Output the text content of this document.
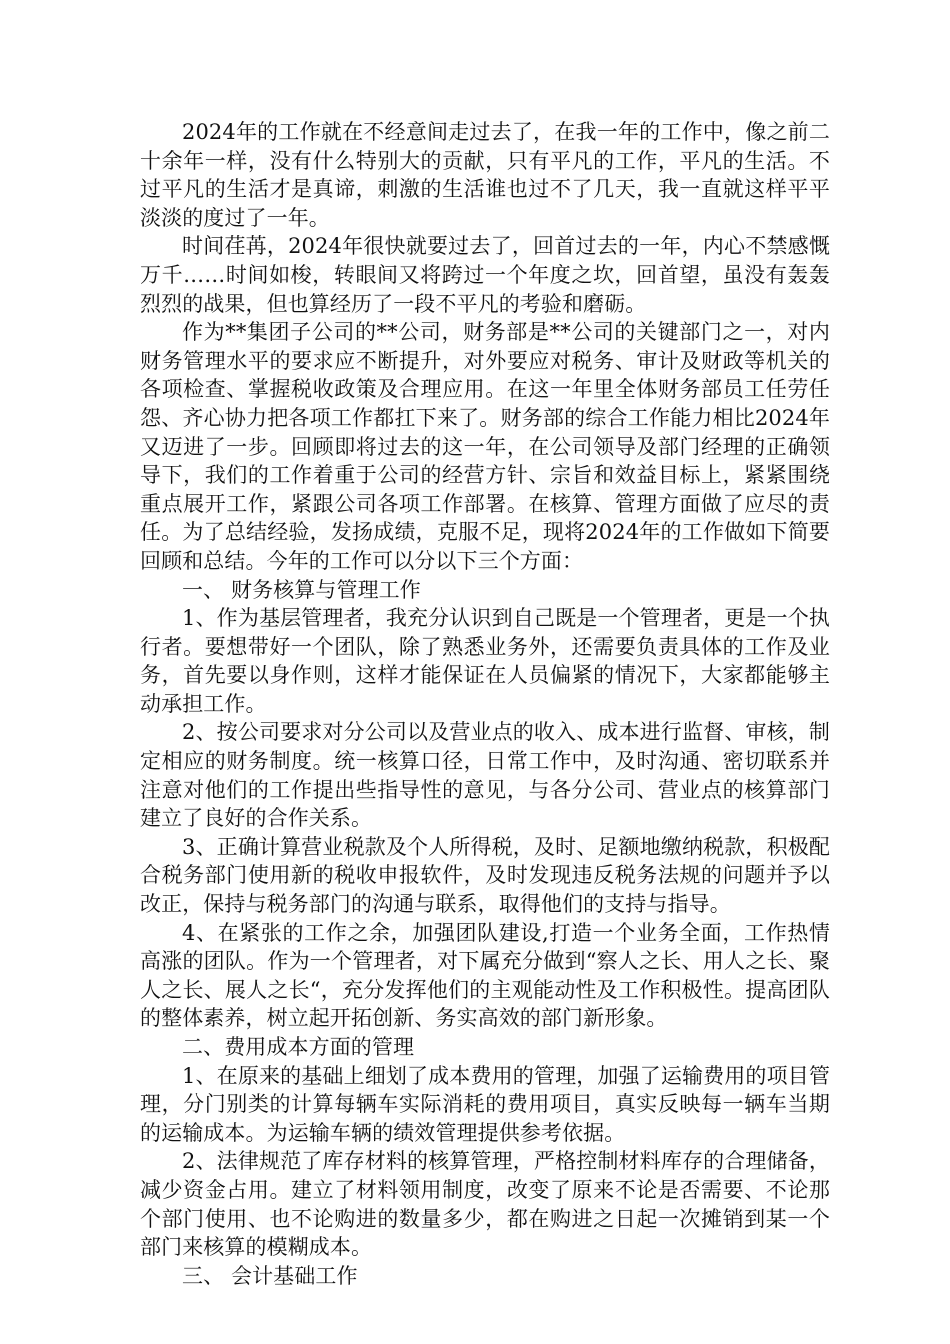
2024年的工作就在不经意间走过去了，在我一年的工作中，像之前二十余年一样，没有什么特别大的贡献，只有平凡的工作，平凡的生活。不过平凡的生活才是真谛，刺激的生活谁也过不了几天，我一直就这样平平淡淡的度过了一年。

时间荏苒，2024年很快就要过去了，回首过去的一年，内心不禁感慨万千……时间如梭，转眼间又将跨过一个年度之坎，回首望，虽没有轰轰烈烈的战果，但也算经历了一段不平凡的考验和磨砺。

作为**集团子公司的**公司，财务部是**公司的关键部门之一，对内财务管理水平的要求应不断提升，对外要应对税务、审计及财政等机关的各项检查、掌握税收政策及合理应用。在这一年里全体财务部员工任劳任怨、齐心协力把各项工作都扛下来了。财务部的综合工作能力相比2024年又迈进了一步。回顾即将过去的这一年，在公司领导及部门经理的正确领导下，我们的工作着重于公司的经营方针、宗旨和效益目标上，紧紧围绕重点展开工作，紧跟公司各项工作部署。在核算、管理方面做了应尽的责任。为了总结经验，发扬成绩，克服不足，现将2024年的工作做如下简要回顾和总结。今年的工作可以分以下三个方面：

一、 财务核算与管理工作

1、作为基层管理者，我充分认识到自己既是一个管理者，更是一个执行者。要想带好一个团队，除了熟悉业务外，还需要负责具体的工作及业务，首先要以身作则，这样才能保证在人员偏紧的情况下，大家都能够主动承担工作。

2、按公司要求对分公司以及营业点的收入、成本进行监督、审核，制定相应的财务制度。统一核算口径，日常工作中，及时沟通、密切联系并注意对他们的工作提出些指导性的意见，与各分公司、营业点的核算部门建立了良好的合作关系。

3、正确计算营业税款及个人所得税，及时、足额地缴纳税款，积极配合税务部门使用新的税收申报软件，及时发现违反税务法规的问题并予以改正，保持与税务部门的沟通与联系，取得他们的支持与指导。

4、在紧张的工作之余，加强团队建设,打造一个业务全面，工作热情高涨的团队。作为一个管理者，对下属充分做到“察人之长、用人之长、聚人之长、展人之长“，充分发挥他们的主观能动性及工作积极性。提高团队的整体素养，树立起开拓创新、务实高效的部门新形象。

二、费用成本方面的管理

1、在原来的基础上细划了成本费用的管理，加强了运输费用的项目管理，分门别类的计算每辆车实际消耗的费用项目，真实反映每一辆车当期的运输成本。为运输车辆的绩效管理提供参考依据。

2、法律规范了库存材料的核算管理，严格控制材料库存的合理储备，减少资金占用。建立了材料领用制度，改变了原来不论是否需要、不论那个部门使用、也不论购进的数量多少，都在购进之日起一次摊销到某一个部门来核算的模糊成本。

三、 会计基础工作
